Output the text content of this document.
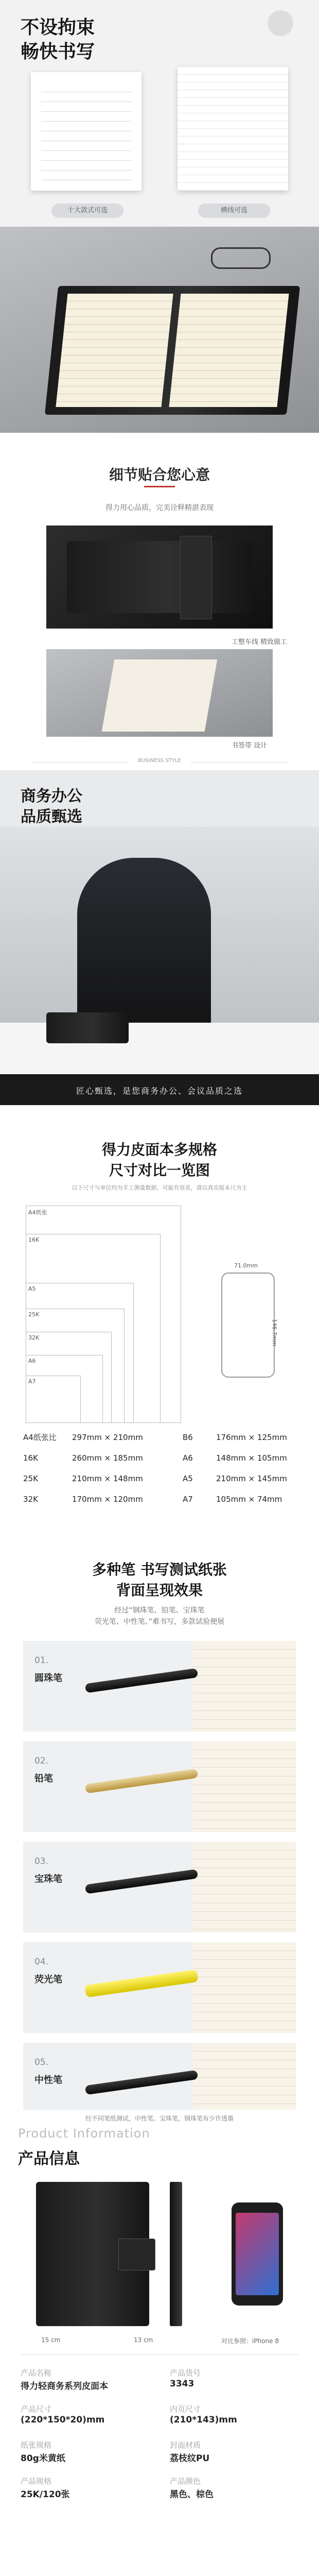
不设拘束
畅快书写
十大款式可选	横线可选
细节贴合您心意
得力用心品质，完美诠释精湛表现
工整车线 精致做工
书签带 设计
BUSINESS STYLE
商务办公
品质甄选
匠心甄选，是您商务办公、会议品质之选
得力皮面本多规格
尺寸对比一览图
以下尺寸与单位均为手工测量数据，可能有误差，请以真实版本尺为主
A4纸张
16K
A5
25K
32K
A6
A7
71.0mm
146.7mm
A4纸张比 297mm × 210mm	B6	176mm × 125mm
16K	260mm × 185mm	A6	148mm × 105mm
25K	210mm × 148mm	A5	210mm × 145mm
32K	170mm × 120mm	A7	105mm × 74mm
多种笔 书写测试纸张
背面呈现效果
经过“钢珠笔、铅笔、宝珠笔
荧光笔、中性笔、”难书写，多款试验便展
01.
圆珠笔
02.
铅笔
03.
宝珠笔
04.
荧光笔
05.
中性笔
经不同笔纸测试，中性笔、宝珠笔，钢珠笔有少许透墨
Product Information
产品信息
15 cm	13 cm	对比参照：iPhone 8
产品名称
得力轻商务系列皮面本
产品货号
3343
产品尺寸
(220*150*20)mm
内页尺寸
(210*143)mm
纸张规格
80g米黄纸
封面材质
荔枝纹PU
产品规格
25K/120张
产品颜色
黑色、棕色
